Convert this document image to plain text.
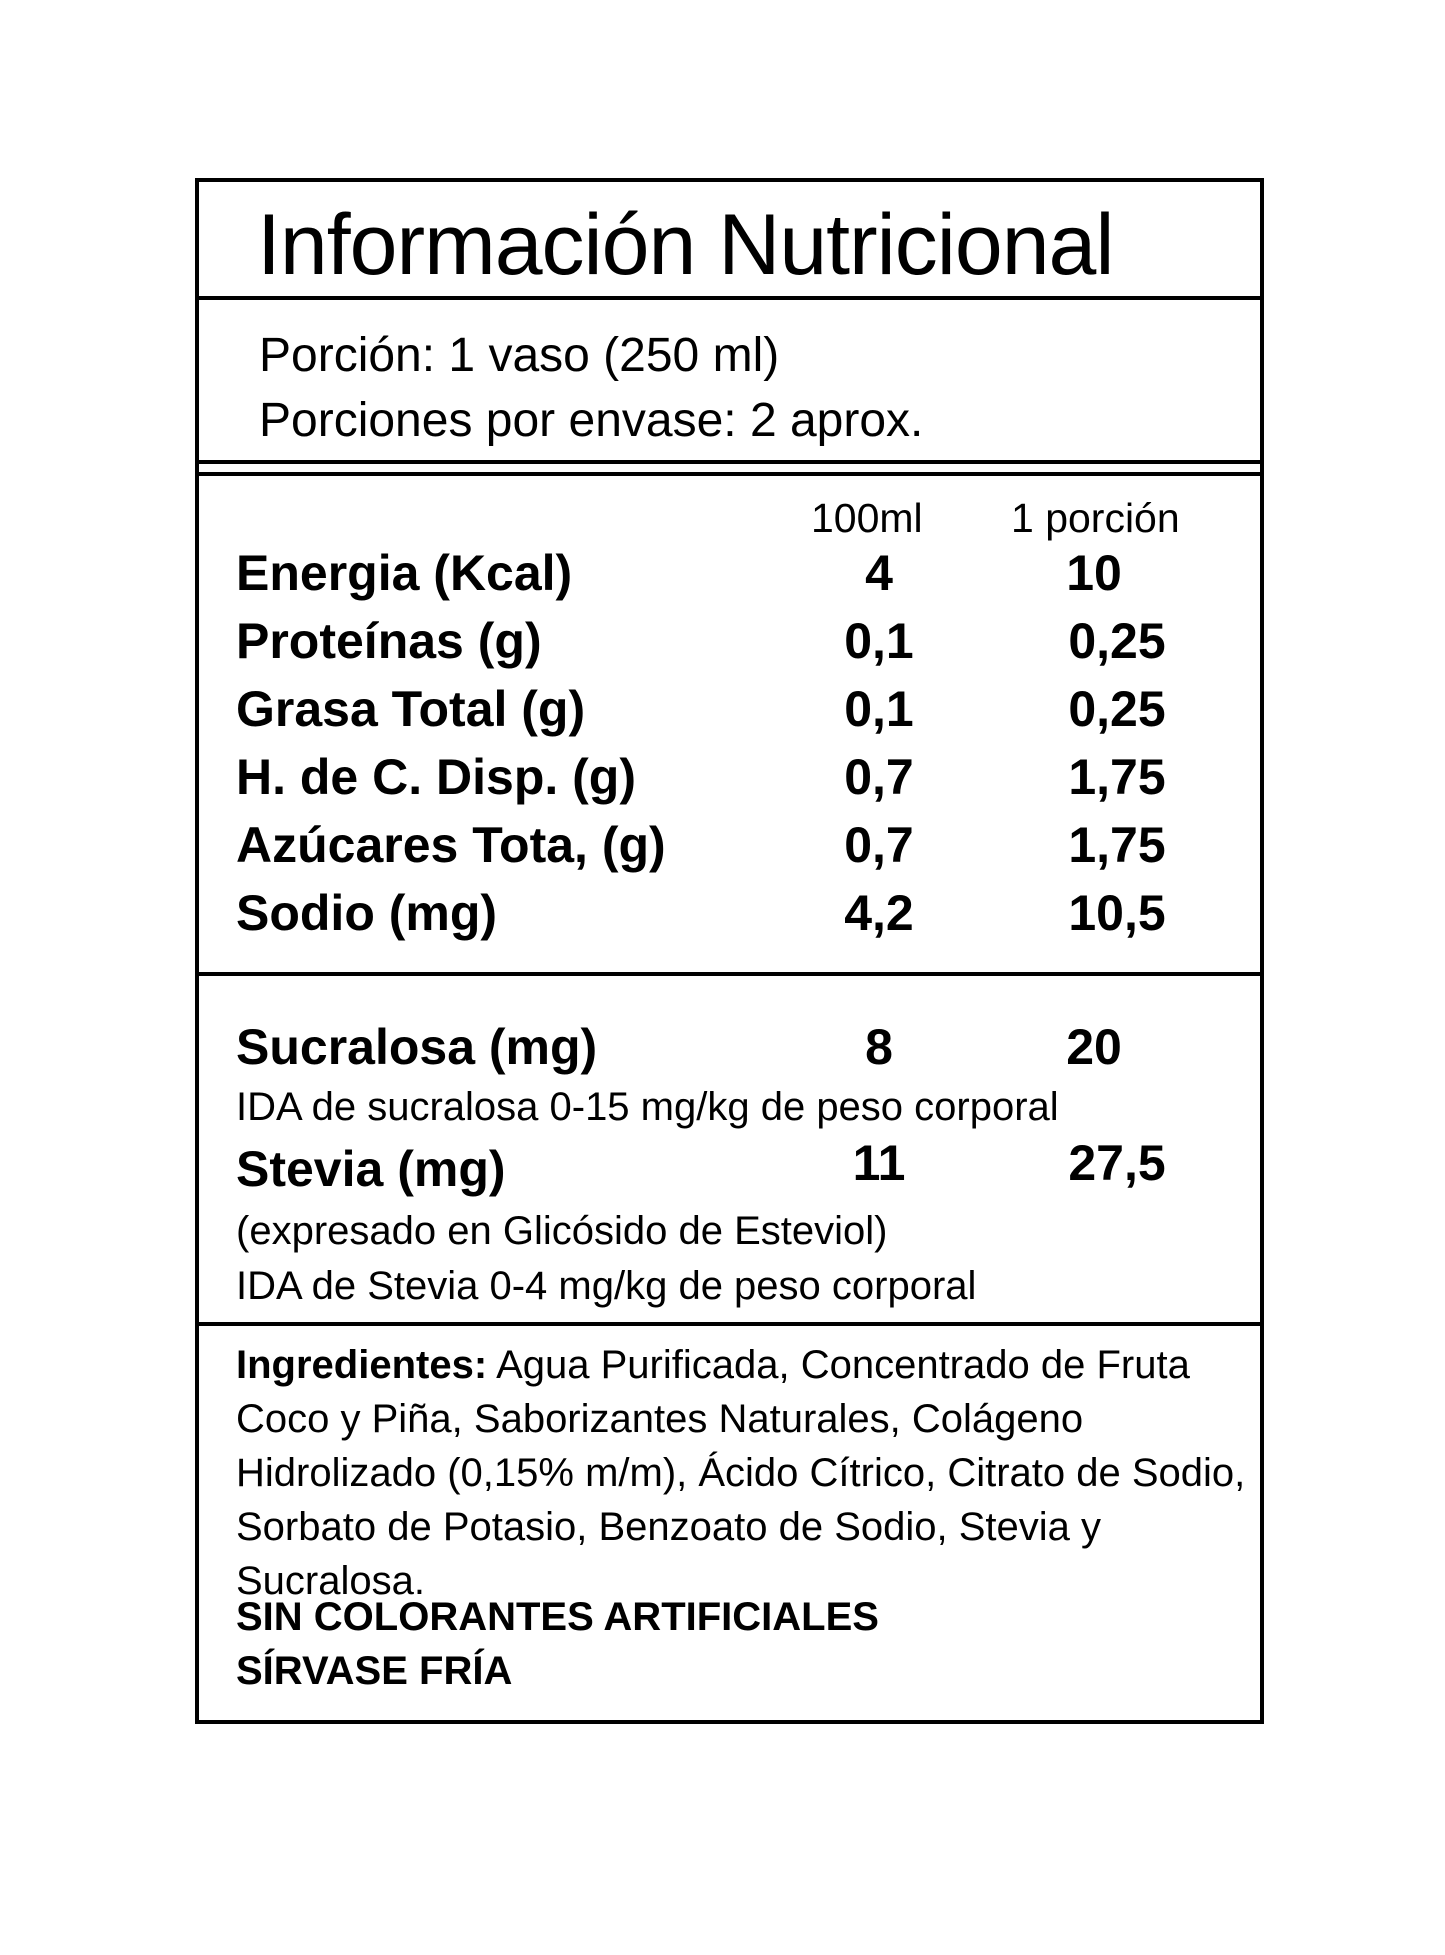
Información Nutricional
Porción: 1 vaso (250 ml)
Porciones por envase: 2 aprox.
100ml 1 porción
Energia (Kcal)	4	10
Proteínas (g)	0,1	0,25
Grasa Total (g)	0,1	0,25
H. de C. Disp. (g)	0,7	1,75
Azúcares Tota, (g)	0,7	1,75
Sodio (mg)	4,2	10,5
Sucralosa (mg)	8	20
IDA de sucralosa 0-15 mg/kg de peso corporal
Stevia (mg)	11	27,5
(expresado en Glicósido de Esteviol)
IDA de Stevia 0-4 mg/kg de peso corporal
Ingredientes: Agua Purificada, Concentrado de Fruta Coco y Piña, Saborizantes Naturales, Colágeno Hidrolizado (0,15% m/m), Ácido Cítrico, Citrato de Sodio, Sorbato de Potasio, Benzoato de Sodio, Stevia y Sucralosa.
SIN COLORANTES ARTIFICIALES
SÍRVASE FRÍA
